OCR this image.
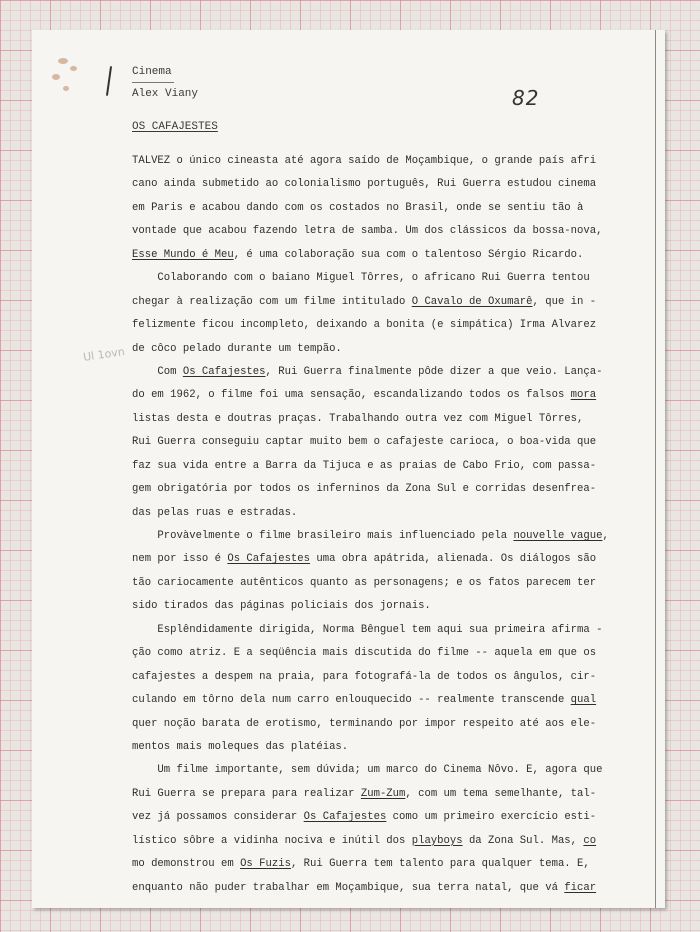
Cinema
Alex Viany	82
OS CAFAJESTES
Ul 1ovn
TALVEZ o único cineasta até agora saído de Moçambique, o grande país afri
cano ainda submetido ao colonialismo português, Rui Guerra estudou cinema
em Paris e acabou dando com os costados no Brasil, onde se sentiu tão à
vontade que acabou fazendo letra de samba. Um dos clássicos da bossa-nova,
Esse Mundo é Meu, é uma colaboração sua com o talentoso Sérgio Ricardo.
Colaborando com o baiano Miguel Tôrres, o africano Rui Guerra tentou
chegar à realização com um filme intitulado O Cavalo de Oxumarê, que in -
felizmente ficou incompleto, deixando a bonita (e simpática) Irma Alvarez
de côco pelado durante um tempão.
Com Os Cafajestes, Rui Guerra finalmente pôde dizer a que veio. Lança-
do em 1962, o filme foi uma sensação, escandalizando todos os falsos mora
listas desta e doutras praças. Trabalhando outra vez com Miguel Tôrres,
Rui Guerra conseguiu captar muito bem o cafajeste carioca, o boa-vida que
faz sua vida entre a Barra da Tijuca e as praias de Cabo Frio, com passa-
gem obrigatória por todos os inferninos da Zona Sul e corridas desenfrea-
das pelas ruas e estradas.
Provàvelmente o filme brasileiro mais influenciado pela nouvelle vague,
nem por isso é Os Cafajestes uma obra apátrida, alienada. Os diálogos são
tão cariocamente autênticos quanto as personagens; e os fatos parecem ter
sido tirados das páginas policiais dos jornais.
Esplêndidamente dirigida, Norma Bênguel tem aqui sua primeira afirma -
ção como atriz. E a seqüência mais discutida do filme -- aquela em que os
cafajestes a despem na praia, para fotografá-la de todos os ângulos, cir-
culando em tôrno dela num carro enlouquecido -- realmente transcende qual
quer noção barata de erotismo, terminando por impor respeito até aos ele-
mentos mais moleques das platéias.
Um filme importante, sem dúvida; um marco do Cinema Nôvo. E, agora que
Rui Guerra se prepara para realizar Zum-Zum, com um tema semelhante, tal-
vez já possamos considerar Os Cafajestes como um primeiro exercício esti-
lístico sôbre a vidinha nociva e inútil dos playboys da Zona Sul. Mas, co
mo demonstrou em Os Fuzis, Rui Guerra tem talento para qualquer tema. E,
enquanto não puder trabalhar em Moçambique, sua terra natal, que vá ficar
